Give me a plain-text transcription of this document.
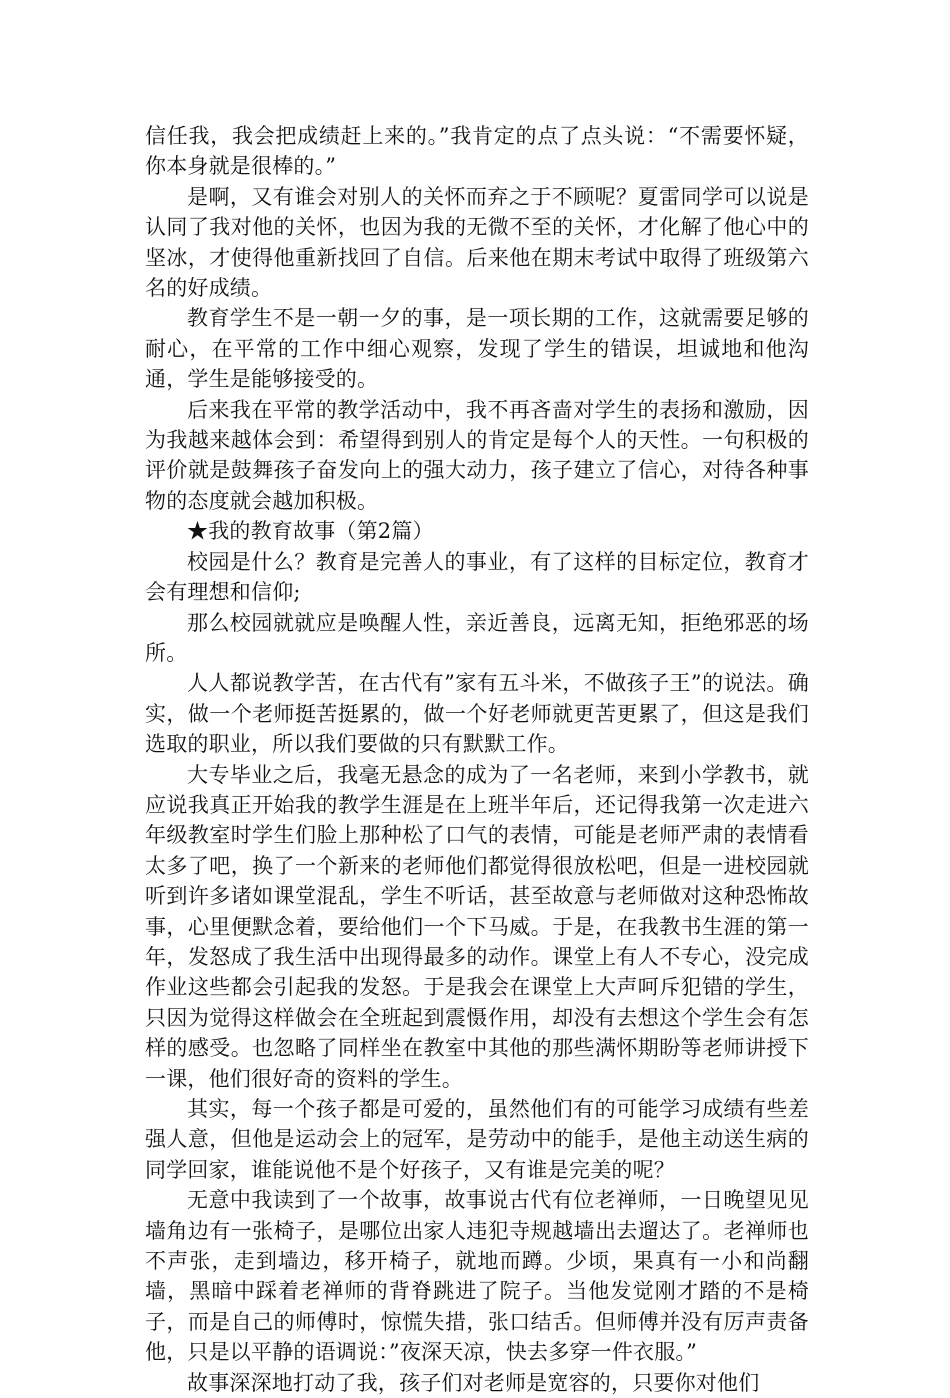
信任我，我会把成绩赶上来的。”我肯定的点了点头说：“不需要怀疑，你本身就是很棒的。”

是啊，又有谁会对别人的关怀而弃之于不顾呢？夏雷同学可以说是认同了我对他的关怀，也因为我的无微不至的关怀，才化解了他心中的坚冰，才使得他重新找回了自信。后来他在期末考试中取得了班级第六名的好成绩。

教育学生不是一朝一夕的事，是一项长期的工作，这就需要足够的耐心，在平常的工作中细心观察，发现了学生的错误，坦诚地和他沟通，学生是能够接受的。

后来我在平常的教学活动中，我不再吝啬对学生的表扬和激励，因为我越来越体会到：希望得到别人的肯定是每个人的天性。一句积极的评价就是鼓舞孩子奋发向上的强大动力，孩子建立了信心，对待各种事物的态度就会越加积极。

★我的教育故事（第2篇）

校园是什么？教育是完善人的事业，有了这样的目标定位，教育才会有理想和信仰;

那么校园就就应是唤醒人性，亲近善良，远离无知，拒绝邪恶的场所。

人人都说教学苦，在古代有”家有五斗米，不做孩子王”的说法。确实，做一个老师挺苦挺累的，做一个好老师就更苦更累了，但这是我们选取的职业，所以我们要做的只有默默工作。

大专毕业之后，我毫无悬念的成为了一名老师，来到小学教书，就应说我真正开始我的教学生涯是在上班半年后，还记得我第一次走进六年级教室时学生们脸上那种松了口气的表情，可能是老师严肃的表情看太多了吧，换了一个新来的老师他们都觉得很放松吧，但是一进校园就听到许多诸如课堂混乱，学生不听话，甚至故意与老师做对这种恐怖故事，心里便默念着，要给他们一个下马威。于是，在我教书生涯的第一年，发怒成了我生活中出现得最多的动作。课堂上有人不专心，没完成作业这些都会引起我的发怒。于是我会在课堂上大声呵斥犯错的学生，只因为觉得这样做会在全班起到震慑作用，却没有去想这个学生会有怎样的感受。也忽略了同样坐在教室中其他的那些满怀期盼等老师讲授下一课，他们很好奇的资料的学生。

其实，每一个孩子都是可爱的，虽然他们有的可能学习成绩有些差强人意，但他是运动会上的冠军，是劳动中的能手，是他主动送生病的同学回家，谁能说他不是个好孩子，又有谁是完美的呢？

无意中我读到了一个故事，故事说古代有位老禅师，一日晚望见见墙角边有一张椅子，是哪位出家人违犯寺规越墙出去遛达了。老禅师也不声张，走到墙边，移开椅子，就地而蹲。少顷，果真有一小和尚翻墙，黑暗中踩着老禅师的背脊跳进了院子。当他发觉刚才踏的不是椅子，而是自己的师傅时，惊慌失措，张口结舌。但师傅并没有厉声责备他，只是以平静的语调说：”夜深天凉，快去多穿一件衣服。”

故事深深地打动了我，孩子们对老师是宽容的，只要你对他们
